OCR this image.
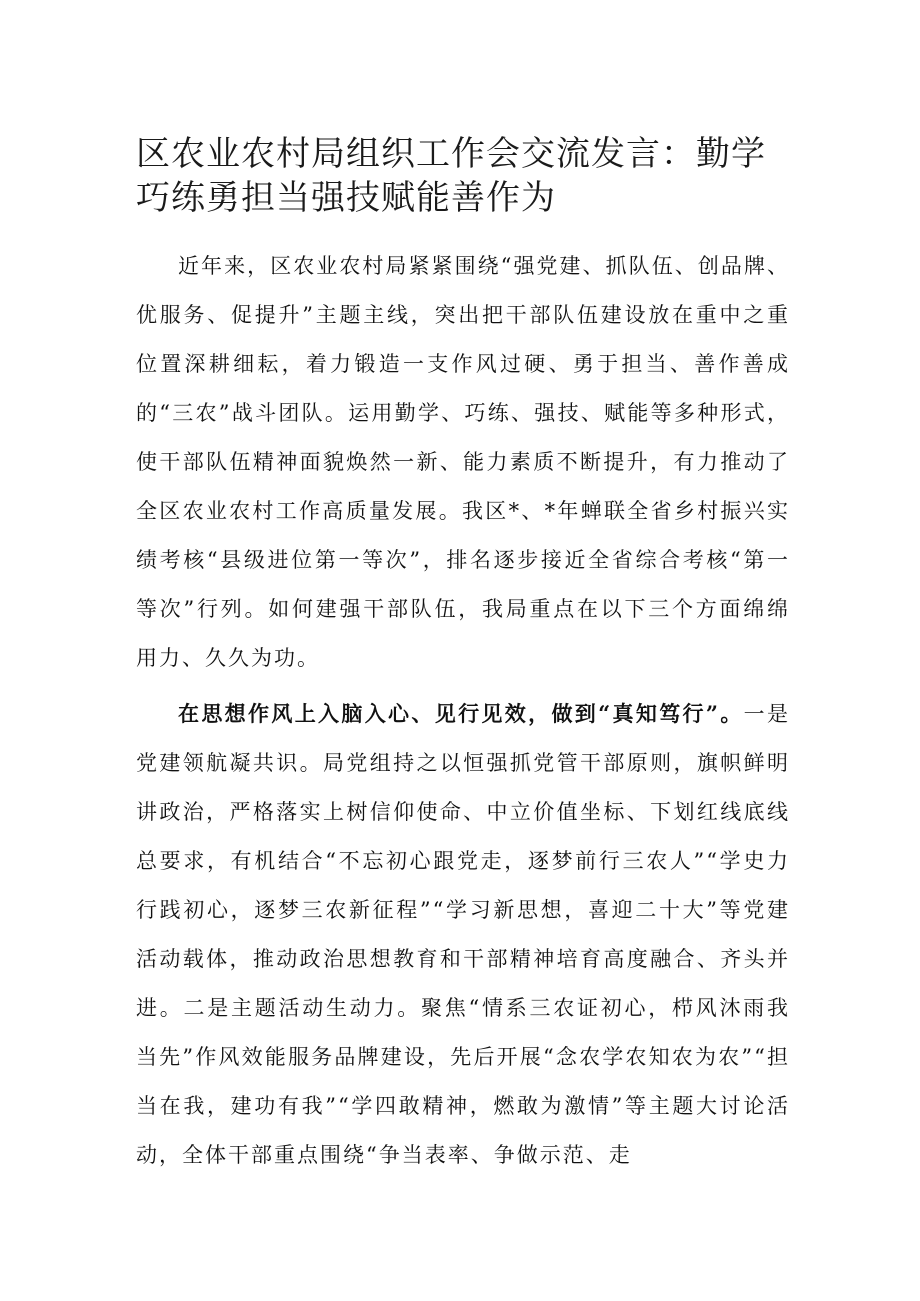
区农业农村局组织工作会交流发言：勤学巧练勇担当强技赋能善作为

近年来，区农业农村局紧紧围绕“强党建、抓队伍、创品牌、优服务、促提升”主题主线，突出把干部队伍建设放在重中之重位置深耕细耘，着力锻造一支作风过硬、勇于担当、善作善成的“三农”战斗团队。运用勤学、巧练、强技、赋能等多种形式，使干部队伍精神面貌焕然一新、能力素质不断提升，有力推动了全区农业农村工作高质量发展。我区*、*年蝉联全省乡村振兴实绩考核“县级进位第一等次”，排名逐步接近全省综合考核“第一等次”行列。如何建强干部队伍，我局重点在以下三个方面绵绵用力、久久为功。

在思想作风上入脑入心、见行见效，做到“真知笃行”。一是党建领航凝共识。局党组持之以恒强抓党管干部原则，旗帜鲜明讲政治，严格落实上树信仰使命、中立价值坐标、下划红线底线总要求，有机结合“不忘初心跟党走，逐梦前行三农人”“学史力行践初心，逐梦三农新征程”“学习新思想，喜迎二十大”等党建活动载体，推动政治思想教育和干部精神培育高度融合、齐头并进。二是主题活动生动力。聚焦“情系三农证初心，栉风沐雨我当先”作风效能服务品牌建设，先后开展“念农学农知农为农”“担当在我，建功有我”“学四敢精神，燃敢为激情”等主题大讨论活动，全体干部重点围绕“争当表率、争做示范、走
